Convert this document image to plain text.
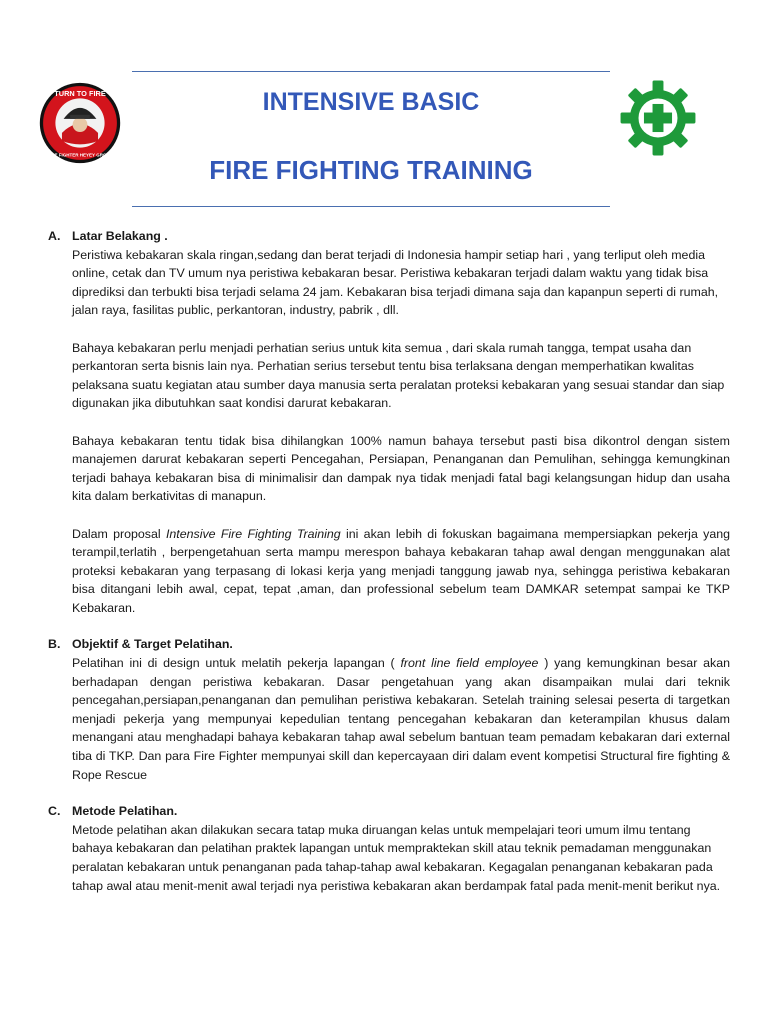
TURN TO FIRE
FIRE FIGHTER HEYEY GROUP
INTENSIVE BASIC
FIRE FIGHTING TRAINING
A. Latar Belakang .

Peristiwa kebakaran skala ringan,sedang dan berat terjadi di Indonesia hampir setiap hari , yang terliput oleh media online, cetak dan TV umum nya peristiwa kebakaran besar. Peristiwa kebakaran terjadi dalam waktu yang tidak bisa diprediksi dan terbukti bisa terjadi selama 24 jam. Kebakaran bisa terjadi dimana saja dan kapanpun seperti di rumah, jalan raya, fasilitas public, perkantoran, industry, pabrik , dll.

Bahaya kebakaran perlu menjadi perhatian serius untuk kita semua , dari skala rumah tangga, tempat usaha dan perkantoran serta bisnis lain nya. Perhatian serius tersebut tentu bisa terlaksana dengan memperhatikan kwalitas pelaksana suatu kegiatan atau sumber daya manusia serta peralatan proteksi kebakaran yang sesuai standar dan siap digunakan jika dibutuhkan saat kondisi darurat kebakaran.

Bahaya kebakaran tentu tidak bisa dihilangkan 100% namun bahaya tersebut pasti bisa dikontrol dengan sistem manajemen darurat kebakaran seperti Pencegahan, Persiapan, Penanganan dan Pemulihan, sehingga kemungkinan terjadi bahaya kebakaran bisa di minimalisir dan dampak nya tidak menjadi fatal bagi kelangsungan hidup dan usaha kita dalam berkativitas di manapun.

Dalam proposal Intensive Fire Fighting Training ini akan lebih di fokuskan bagaimana mempersiapkan pekerja yang terampil,terlatih , berpengetahuan serta mampu merespon bahaya kebakaran tahap awal dengan menggunakan alat proteksi kebakaran yang terpasang di lokasi kerja yang menjadi tanggung jawab nya, sehingga peristiwa kebakaran bisa ditangani lebih awal, cepat, tepat ,aman, dan professional sebelum team DAMKAR setempat sampai ke TKP Kebakaran.

B. Objektif & Target Pelatihan.

Pelatihan ini di design untuk melatih pekerja lapangan ( front line field employee ) yang kemungkinan besar akan berhadapan dengan peristiwa kebakaran. Dasar pengetahuan yang akan disampaikan mulai dari teknik pencegahan,persiapan,penanganan dan pemulihan peristiwa kebakaran. Setelah training selesai peserta di targetkan menjadi pekerja yang mempunyai kepedulian tentang pencegahan kebakaran dan keterampilan khusus dalam menangani atau menghadapi bahaya kebakaran tahap awal sebelum bantuan team pemadam kebakaran dari external tiba di TKP. Dan para Fire Fighter mempunyai skill dan kepercayaan diri dalam event kompetisi Structural fire fighting & Rope Rescue

C. Metode Pelatihan.

Metode pelatihan akan dilakukan secara tatap muka diruangan kelas untuk mempelajari teori umum ilmu tentang bahaya kebakaran dan pelatihan praktek lapangan untuk mempraktekan skill atau teknik pemadaman menggunakan peralatan kebakaran untuk penanganan pada tahap-tahap awal kebakaran. Kegagalan penanganan kebakaran pada tahap awal atau menit-menit awal terjadi nya peristiwa kebakaran akan berdampak fatal pada menit-menit berikut nya.
